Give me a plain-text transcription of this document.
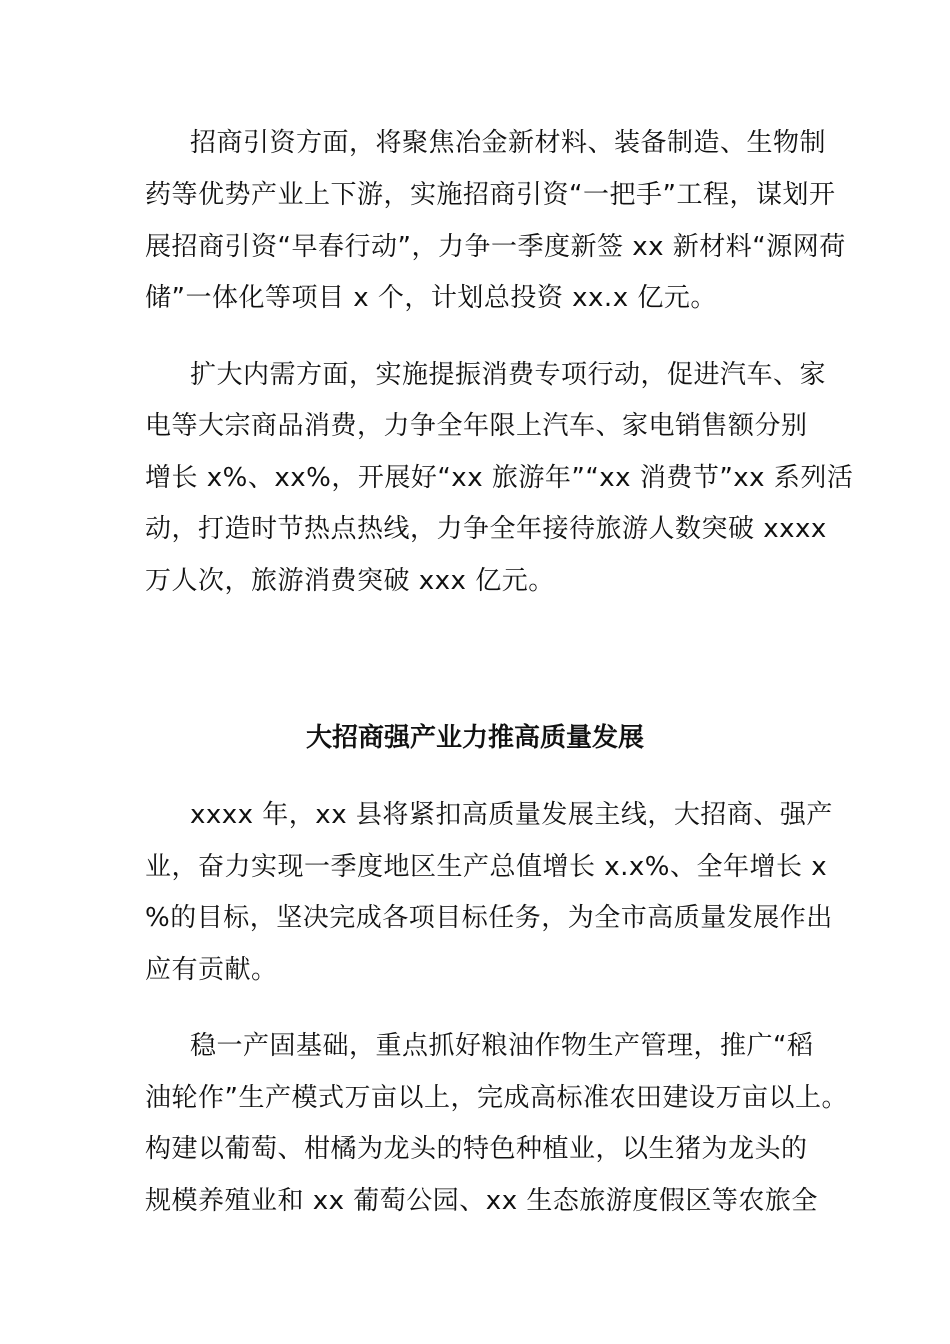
招商引资方面，将聚焦冶金新材料、装备制造、生物制
药等优势产业上下游，实施招商引资“一把手”工程，谋划开
展招商引资“早春行动”，力争一季度新签 xx 新材料“源网荷
储”一体化等项目 x 个，计划总投资 xx.x 亿元。
扩大内需方面，实施提振消费专项行动，促进汽车、家
电等大宗商品消费，力争全年限上汽车、家电销售额分别
增长 x%、xx%，开展好“xx 旅游年”“xx 消费节”xx 系列活
动，打造时节热点热线，力争全年接待旅游人数突破 xxxx
万人次，旅游消费突破 xxx 亿元。
大招商强产业力推高质量发展
xxxx 年，xx 县将紧扣高质量发展主线，大招商、强产
业，奋力实现一季度地区生产总值增长 x.x%、全年增长 x
%的目标，坚决完成各项目标任务，为全市高质量发展作出
应有贡献。
稳一产固基础，重点抓好粮油作物生产管理，推广“稻
油轮作”生产模式万亩以上，完成高标准农田建设万亩以上。
构建以葡萄、柑橘为龙头的特色种植业，以生猪为龙头的
规模养殖业和 xx 葡萄公园、xx 生态旅游度假区等农旅全
